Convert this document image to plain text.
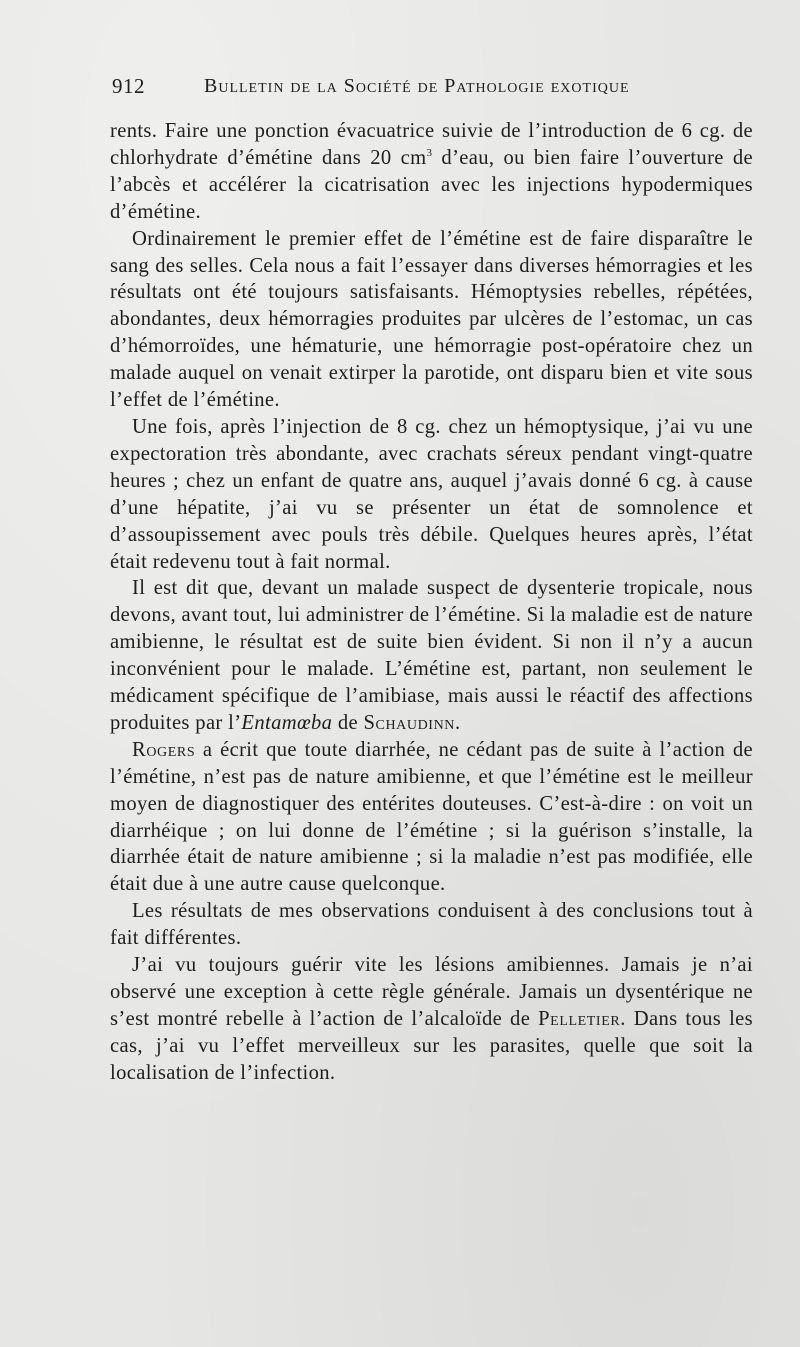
912	Bulletin de la Société de Pathologie exotique

rents. Faire une ponction évacuatrice suivie de l’introduction de 6 cg. de chlorhydrate d’émétine dans 20 $cm^3$ d’eau, ou bien faire l’ouverture de l’abcès et accélérer la cicatrisation avec les injections hypodermiques d’émétine.

Ordinairement le premier effet de l’émétine est de faire disparaître le sang des selles. Cela nous a fait l’essayer dans diverses hémorragies et les résultats ont été toujours satisfaisants. Hémoptysies rebelles, répétées, abondantes, deux hémorragies produites par ulcères de l’estomac, un cas d’hémorroïdes, une hématurie, une hémorragie post-opératoire chez un malade auquel on venait extirper la parotide, ont disparu bien et vite sous l’effet de l’émétine.

Une fois, après l’injection de 8 cg. chez un hémoptysique, j’ai vu une expectoration très abondante, avec crachats séreux pendant vingt-quatre heures ; chez un enfant de quatre ans, auquel j’avais donné 6 cg. à cause d’une hépatite, j’ai vu se présenter un état de somnolence et d’assoupissement avec pouls très débile. Quelques heures après, l’état était redevenu tout à fait normal.

Il est dit que, devant un malade suspect de dysenterie tropicale, nous devons, avant tout, lui administrer de l’émétine. Si la maladie est de nature amibienne, le résultat est de suite bien évident. Si non il n’y a aucun inconvénient pour le malade. L’émétine est, partant, non seulement le médicament spécifique de l’amibiase, mais aussi le réactif des affections produites par l’Entamœba de Schaudinn.

Rogers a écrit que toute diarrhée, ne cédant pas de suite à l’action de l’émétine, n’est pas de nature amibienne, et que l’émétine est le meilleur moyen de diagnostiquer des entérites douteuses. C’est-à-dire : on voit un diarrhéique ; on lui donne de l’émétine ; si la guérison s’installe, la diarrhée était de nature amibienne ; si la maladie n’est pas modifiée, elle était due à une autre cause quelconque.

Les résultats de mes observations conduisent à des conclusions tout à fait différentes.

J’ai vu toujours guérir vite les lésions amibiennes. Jamais je n’ai observé une exception à cette règle générale. Jamais un dysentérique ne s’est montré rebelle à l’action de l’alcaloïde de Pelletier. Dans tous les cas, j’ai vu l’effet merveilleux sur les parasites, quelle que soit la localisation de l’infection.
